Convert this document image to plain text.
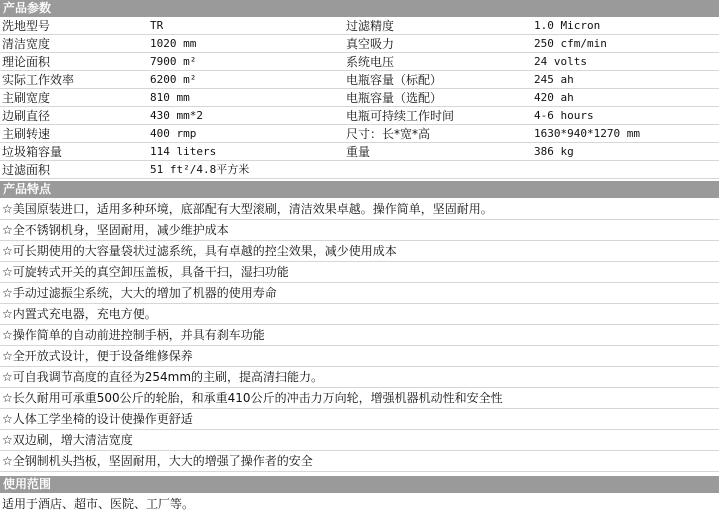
产品参数
洗地型号	TR	过滤精度	1.0 Micron
清洁宽度	1020 mm	真空吸力	250 cfm/min
理论面积	7900 m²	系统电压	24 volts
实际工作效率	6200 m²	电瓶容量（标配）	245 ah
主刷宽度	810 mm	电瓶容量（选配）	420 ah
边刷直径	430 mm*2	电瓶可持续工作时间	4-6 hours
主刷转速	400 rmp	尺寸：长*宽*高	1630*940*1270 mm
垃圾箱容量	114 liters	重量	386 kg
过滤面积	51 ft²/4.8平方米
产品特点
☆美国原装进口，适用多种环境，底部配有大型滚刷，清洁效果卓越。操作简单，坚固耐用。
☆全不锈钢机身，坚固耐用，减少维护成本
☆可长期使用的大容量袋状过滤系统，具有卓越的控尘效果，减少使用成本
☆可旋转式开关的真空卸压盖板，具备干扫，湿扫功能
☆手动过滤振尘系统，大大的增加了机器的使用寿命
☆内置式充电器，充电方便。
☆操作简单的自动前进控制手柄，并具有刹车功能
☆全开放式设计，便于设备维修保养
☆可自我调节高度的直径为254mm的主刷，提高清扫能力。
☆长久耐用可承重500公斤的轮胎，和承重410公斤的冲击力万向轮，增强机器机动性和安全性
☆人体工学坐椅的设计使操作更舒适
☆双边刷，增大清洁宽度
☆全钢制机头挡板，坚固耐用，大大的增强了操作者的安全
使用范围
适用于酒店、超市、医院、工厂等。
